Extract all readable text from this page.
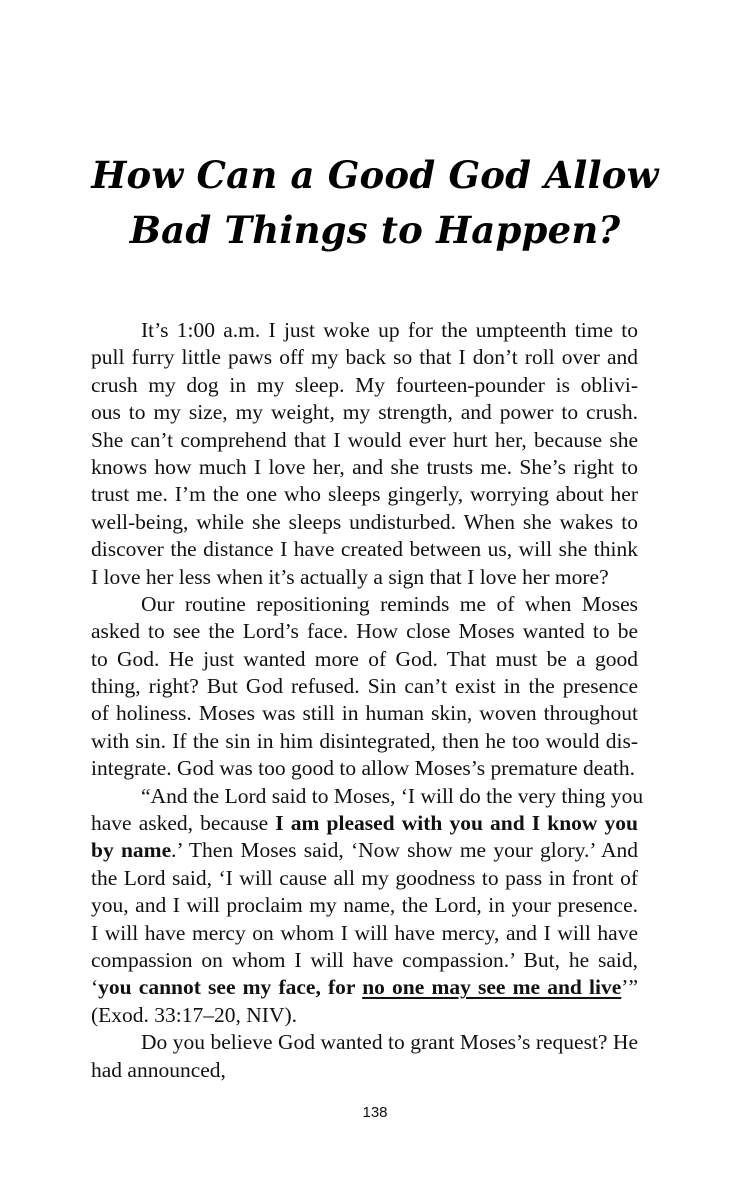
How Can a Good God Allow
Bad Things to Happen?
It’s 1:00 a.m. I just woke up for the umpteenth time to
pull furry little paws off my back so that I don’t roll over and
crush my dog in my sleep. My fourteen-pounder is oblivi-
ous to my size, my weight, my strength, and power to crush.
She can’t comprehend that I would ever hurt her, because she
knows how much I love her, and she trusts me. She’s right to
trust me. I’m the one who sleeps gingerly, worrying about her
well-being, while she sleeps undisturbed. When she wakes to
discover the distance I have created between us, will she think
I love her less when it’s actually a sign that I love her more?
Our routine repositioning reminds me of when Moses
asked to see the Lord’s face. How close Moses wanted to be
to God. He just wanted more of God. That must be a good
thing, right? But God refused. Sin can’t exist in the presence
of holiness. Moses was still in human skin, woven throughout
with sin. If the sin in him disintegrated, then he too would dis-
integrate. God was too good to allow Moses’s premature death.
“And the Lord said to Moses, ‘I will do the very thing you
have asked, because I am pleased with you and I know you
by name.’ Then Moses said, ‘Now show me your glory.’ And
the Lord said, ‘I will cause all my goodness to pass in front of
you, and I will proclaim my name, the Lord, in your presence.
I will have mercy on whom I will have mercy, and I will have
compassion on whom I will have compassion.’ But, he said,
‘you cannot see my face, for no one may see me and live’”
(Exod. 33:17–20, NIV).
Do you believe God wanted to grant Moses’s request? He
had announced,
138
